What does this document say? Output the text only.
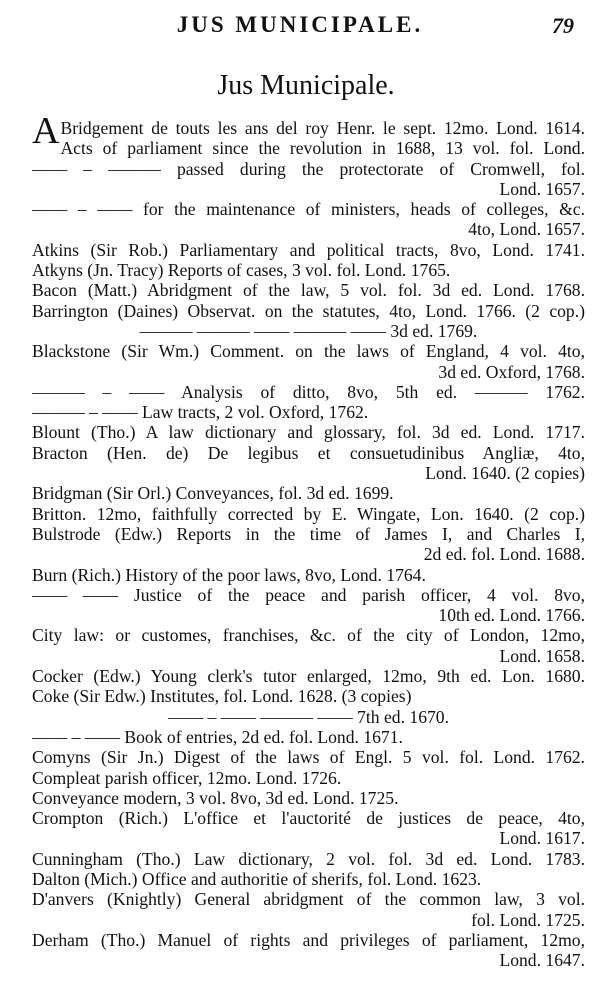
JUS MUNICIPALE.	79
Jus Municipale.
A Bridgement de touts les ans del roy Henr. le sept. 12mo. Lond. 1614.
Acts of parliament since the revolution in 1688, 13 vol. fol. Lond.
—— – ——— passed during the protectorate of Cromwell, fol.
Lond. 1657.
—— – —— for the maintenance of ministers, heads of colleges, &c.
4to, Lond. 1657.
Atkins (Sir Rob.) Parliamentary and political tracts, 8vo, Lond. 1741.
Atkyns (Jn. Tracy) Reports of cases, 3 vol. fol. Lond. 1765.
Bacon (Matt.) Abridgment of the law, 5 vol. fol. 3d ed. Lond. 1768.
Barrington (Daines) Observat. on the statutes, 4to, Lond. 1766. (2 cop.)
——— ——— —— ——— —— 3d ed. 1769.
Blackstone (Sir Wm.) Comment. on the laws of England, 4 vol. 4to,
3d ed. Oxford, 1768.
——— – —— Analysis of ditto, 8vo, 5th ed. ——— 1762.
——— – —— Law tracts, 2 vol. Oxford, 1762.
Blount (Tho.) A law dictionary and glossary, fol. 3d ed. Lond. 1717.
Bracton (Hen. de) De legibus et consuetudinibus Angliæ, 4to,
Lond. 1640. (2 copies)
Bridgman (Sir Orl.) Conveyances, fol. 3d ed. 1699.
Britton. 12mo, faithfully corrected by E. Wingate, Lon. 1640. (2 cop.)
Bulstrode (Edw.) Reports in the time of James I, and Charles I,
2d ed. fol. Lond. 1688.
Burn (Rich.) History of the poor laws, 8vo, Lond. 1764.
—— —— Justice of the peace and parish officer, 4 vol. 8vo,
10th ed. Lond. 1766.
City law: or customes, franchises, &c. of the city of London, 12mo,
Lond. 1658.
Cocker (Edw.) Young clerk's tutor enlarged, 12mo, 9th ed. Lon. 1680.
Coke (Sir Edw.) Institutes, fol. Lond. 1628. (3 copies)
—— – —— ——— —— 7th ed. 1670.
—— – —— Book of entries, 2d ed. fol. Lond. 1671.
Comyns (Sir Jn.) Digest of the laws of Engl. 5 vol. fol. Lond. 1762.
Compleat parish officer, 12mo. Lond. 1726.
Conveyance modern, 3 vol. 8vo, 3d ed. Lond. 1725.
Crompton (Rich.) L'office et l'auctorité de justices de peace, 4to,
Lond. 1617.
Cunningham (Tho.) Law dictionary, 2 vol. fol. 3d ed. Lond. 1783.
Dalton (Mich.) Office and authoritie of sherifs, fol. Lond. 1623.
D'anvers (Knightly) General abridgment of the common law, 3 vol.
fol. Lond. 1725.
Derham (Tho.) Manuel of rights and privileges of parliament, 12mo,
Lond. 1647.
